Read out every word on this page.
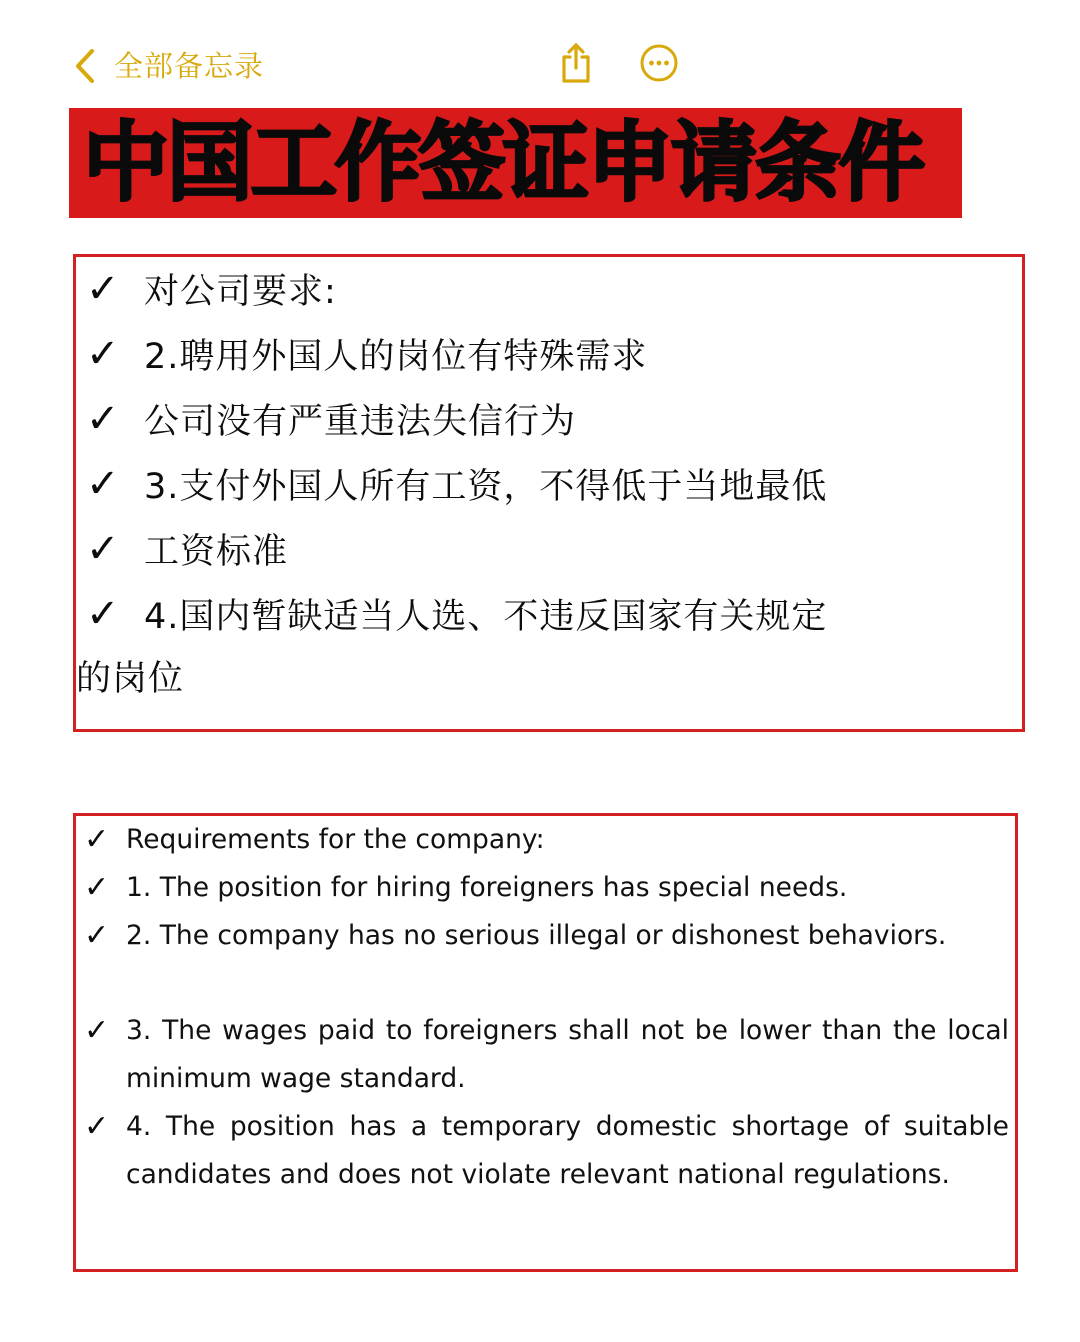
全部备忘录
中国工作签证申请条件
✓ 对公司要求:
✓ 2.聘用外国人的岗位有特殊需求
✓ 公司没有严重违法失信行为
✓ 3.支付外国人所有工资，不得低于当地最低
✓ 工资标准
✓ 4.国内暂缺适当人选、不违反国家有关规定
的岗位
✓ Requirements for the company:
✓ 1. The position for hiring foreigners has special needs.
✓ 2. The company has no serious illegal or dishonest behaviors.
✓ 3. The wages paid to foreigners shall not be lower than the local minimum wage standard.
✓ 4. The position has a temporary domestic shortage of suitable candidates and does not violate relevant national regulations.
